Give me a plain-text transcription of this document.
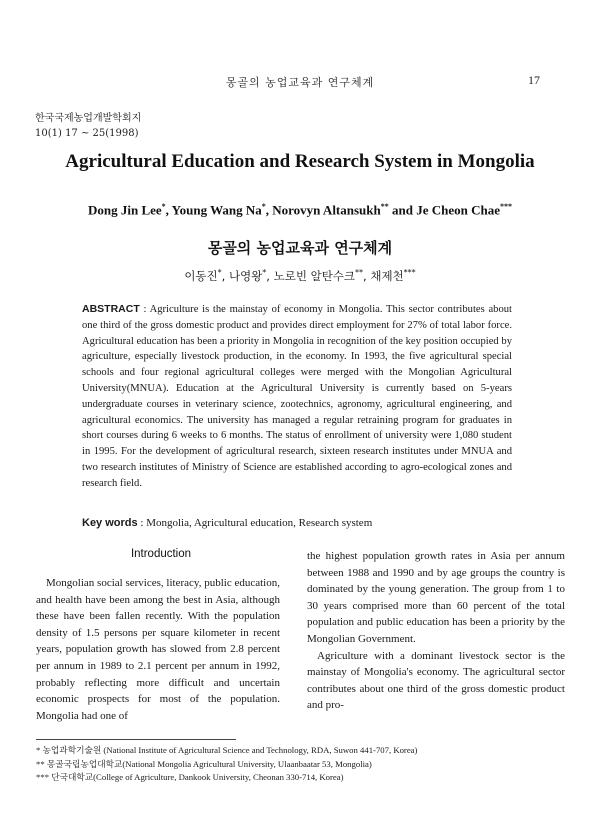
몽골의 농업교육과 연구체계	17
한국국제농업개발학회지
10(1) 17 ~ 25(1998)
Agricultural Education and Research System in Mongolia
Dong Jin Lee*, Young Wang Na*, Norovyn Altansukh** and Je Cheon Chae***
몽골의 농업교육과 연구체계
이동진*, 나영왕*, 노로빈 알탄수크**, 채제천***
ABSTRACT : Agriculture is the mainstay of economy in Mongolia. This sector contributes about one third of the gross domestic product and provides direct employment for 27% of total labor force. Agricultural education has been a priority in Mongolia in recognition of the key position occupied by agriculture, especially livestock production, in the economy. In 1993, the five agricultural special schools and four regional agricultural colleges were merged with the Mongolian Agricultural University(MNUA). Education at the Agricultural University is currently based on 5-years undergraduate courses in veterinary science, zootechnics, agronomy, agricultural engineering, and agricultural economics. The university has managed a regular retraining program for graduates in short courses during 6 weeks to 6 months. The status of enrollment of university were 1,080 student in 1995. For the development of agricultural research, sixteen research institutes under MNUA and two research institutes of Ministry of Science are established according to agro-ecological zones and research field.
Key words : Mongolia, Agricultural education, Research system
Introduction
Mongolian social services, literacy, public education, and health have been among the best in Asia, although these have been fallen recently. With the population density of 1.5 persons per square kilometer in recent years, population growth has slowed from 2.8 percent per annum in 1989 to 2.1 percent per annum in 1992, probably reflecting more difficult and uncertain economic prospects for most of the population. Mongolia had one of

the highest population growth rates in Asia per annum between 1988 and 1990 and by age groups the country is dominated by the young generation. The group from 1 to 30 years comprised more than 60 percent of the total population and public education has been a priority by the Mongolian Government.

Agriculture with a dominant livestock sector is the mainstay of Mongolia's economy. The agricultural sector contributes about one third of the gross domestic product and pro-

* 농업과학기술원 (National Institute of Agricultural Science and Technology, RDA, Suwon 441-707, Korea)
** 몽골국립농업대학교(National Mongolia Agricultural University, Ulaanbaatar 53, Mongolia)
*** 단국대학교(College of Agriculture, Dankook University, Cheonan 330-714, Korea)
